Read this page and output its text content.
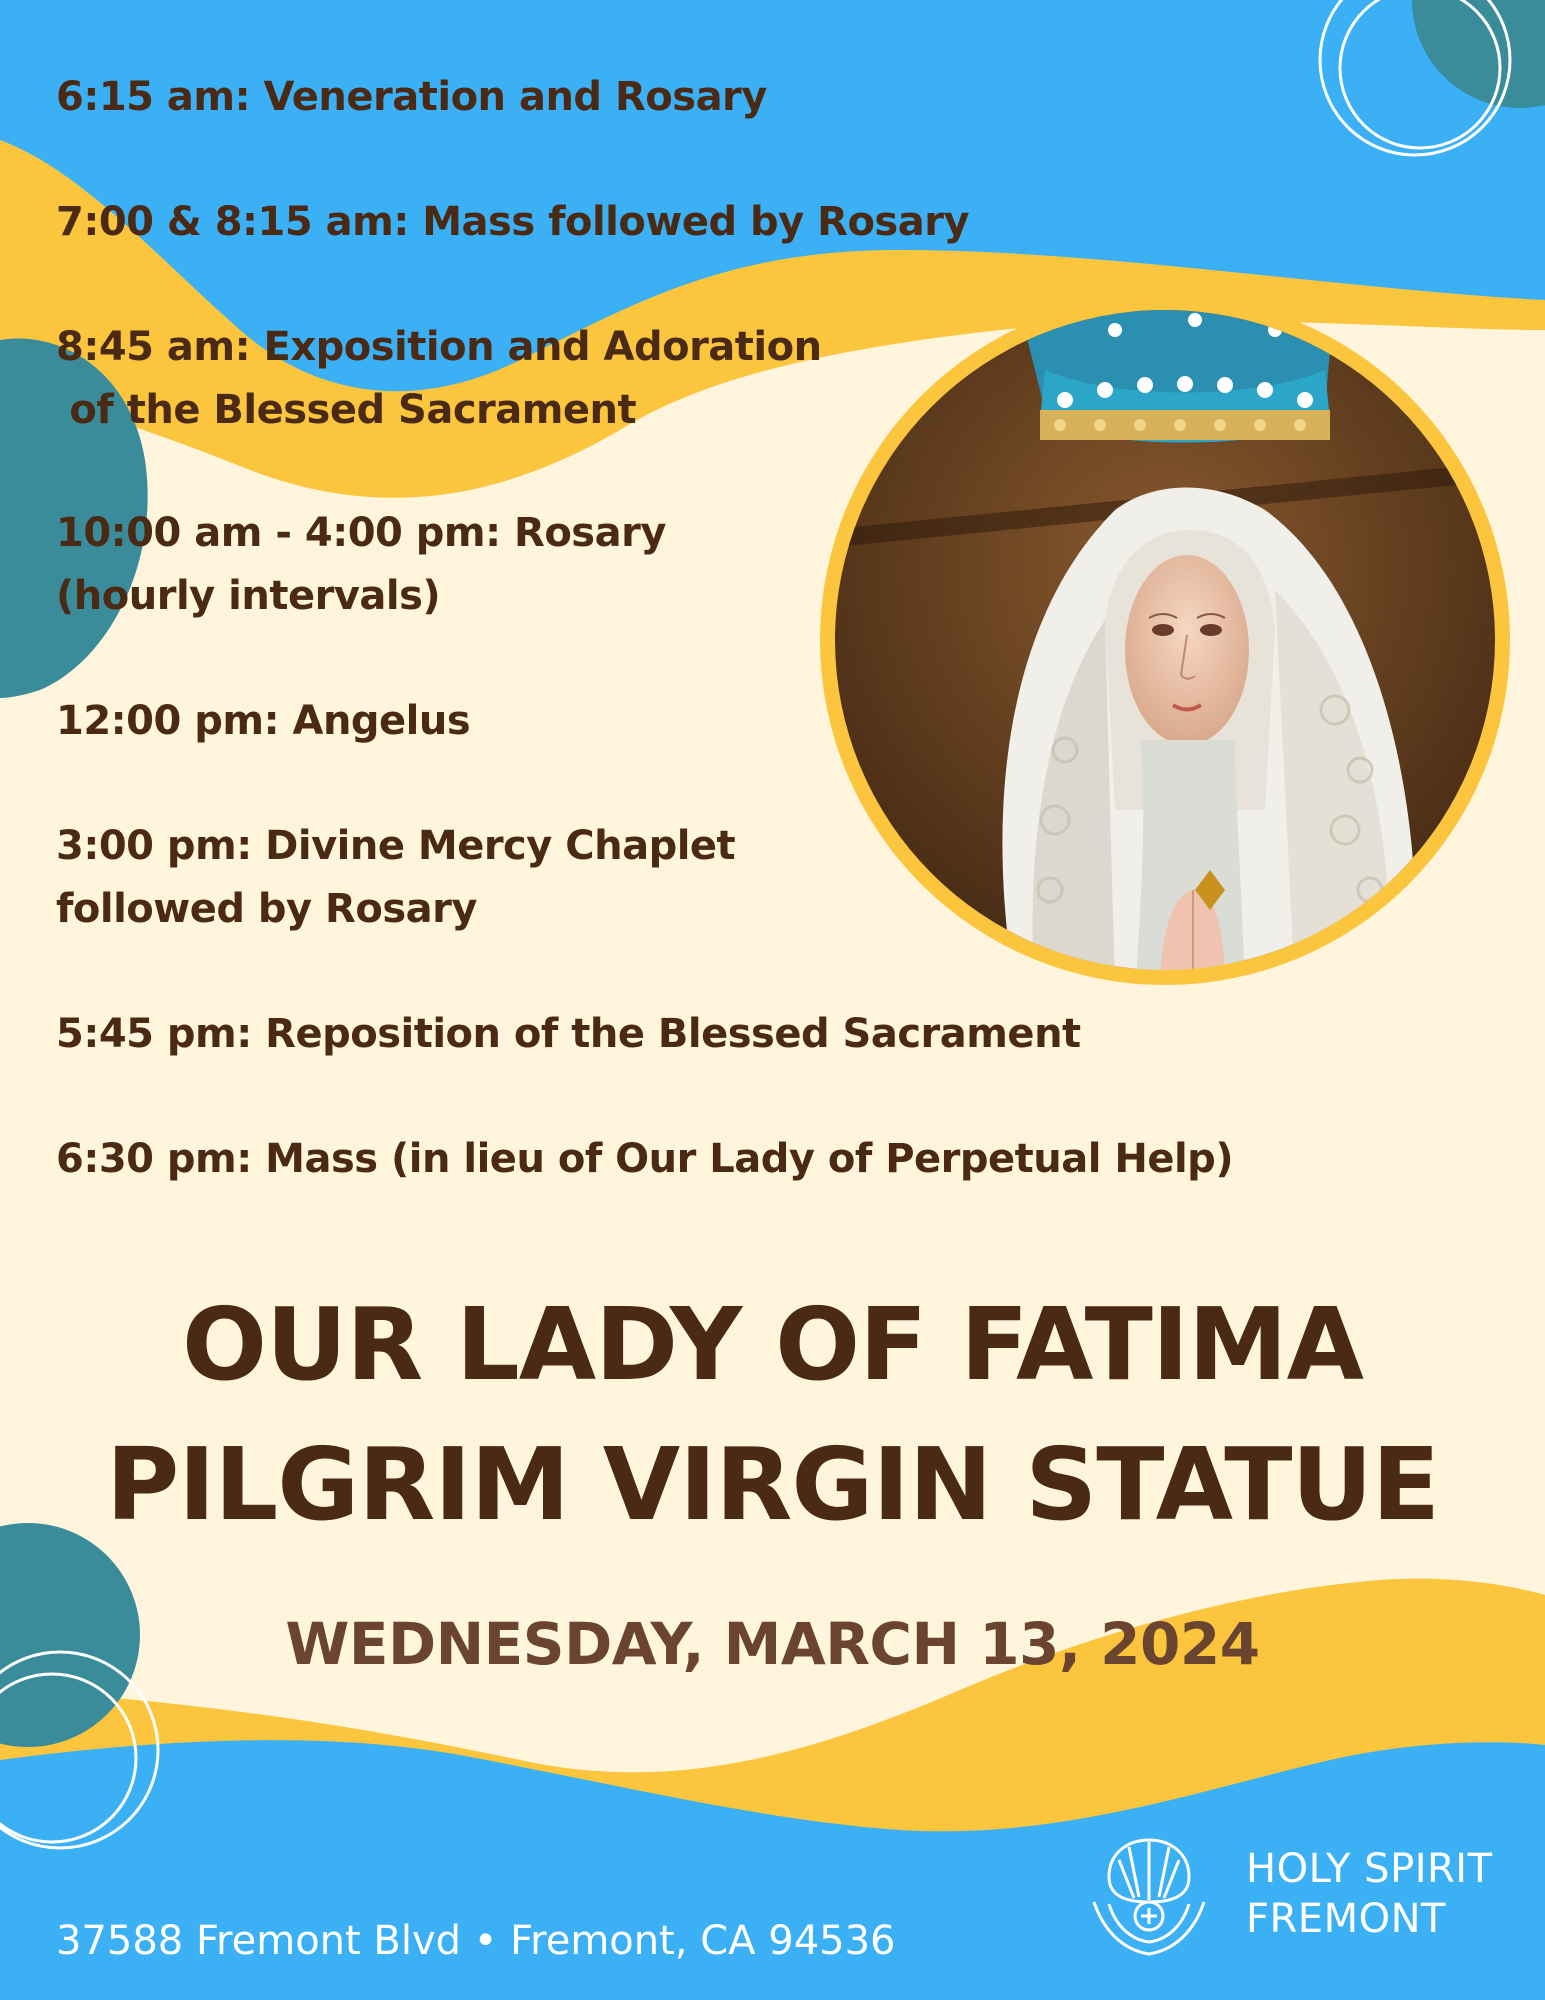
6:15 am: Veneration and Rosary
7:00 & 8:15 am: Mass followed by Rosary
8:45 am: Exposition and Adoration
of the Blessed Sacrament
10:00 am - 4:00 pm: Rosary
(hourly intervals)
12:00 pm: Angelus
3:00 pm: Divine Mercy Chaplet
followed by Rosary
5:45 pm: Reposition of the Blessed Sacrament
6:30 pm: Mass (in lieu of Our Lady of Perpetual Help)
OUR LADY OF FATIMA
PILGRIM VIRGIN STATUE
WEDNESDAY, MARCH 13, 2024
37588 Fremont Blvd • Fremont, CA 94536
HOLY SPIRIT
FREMONT
